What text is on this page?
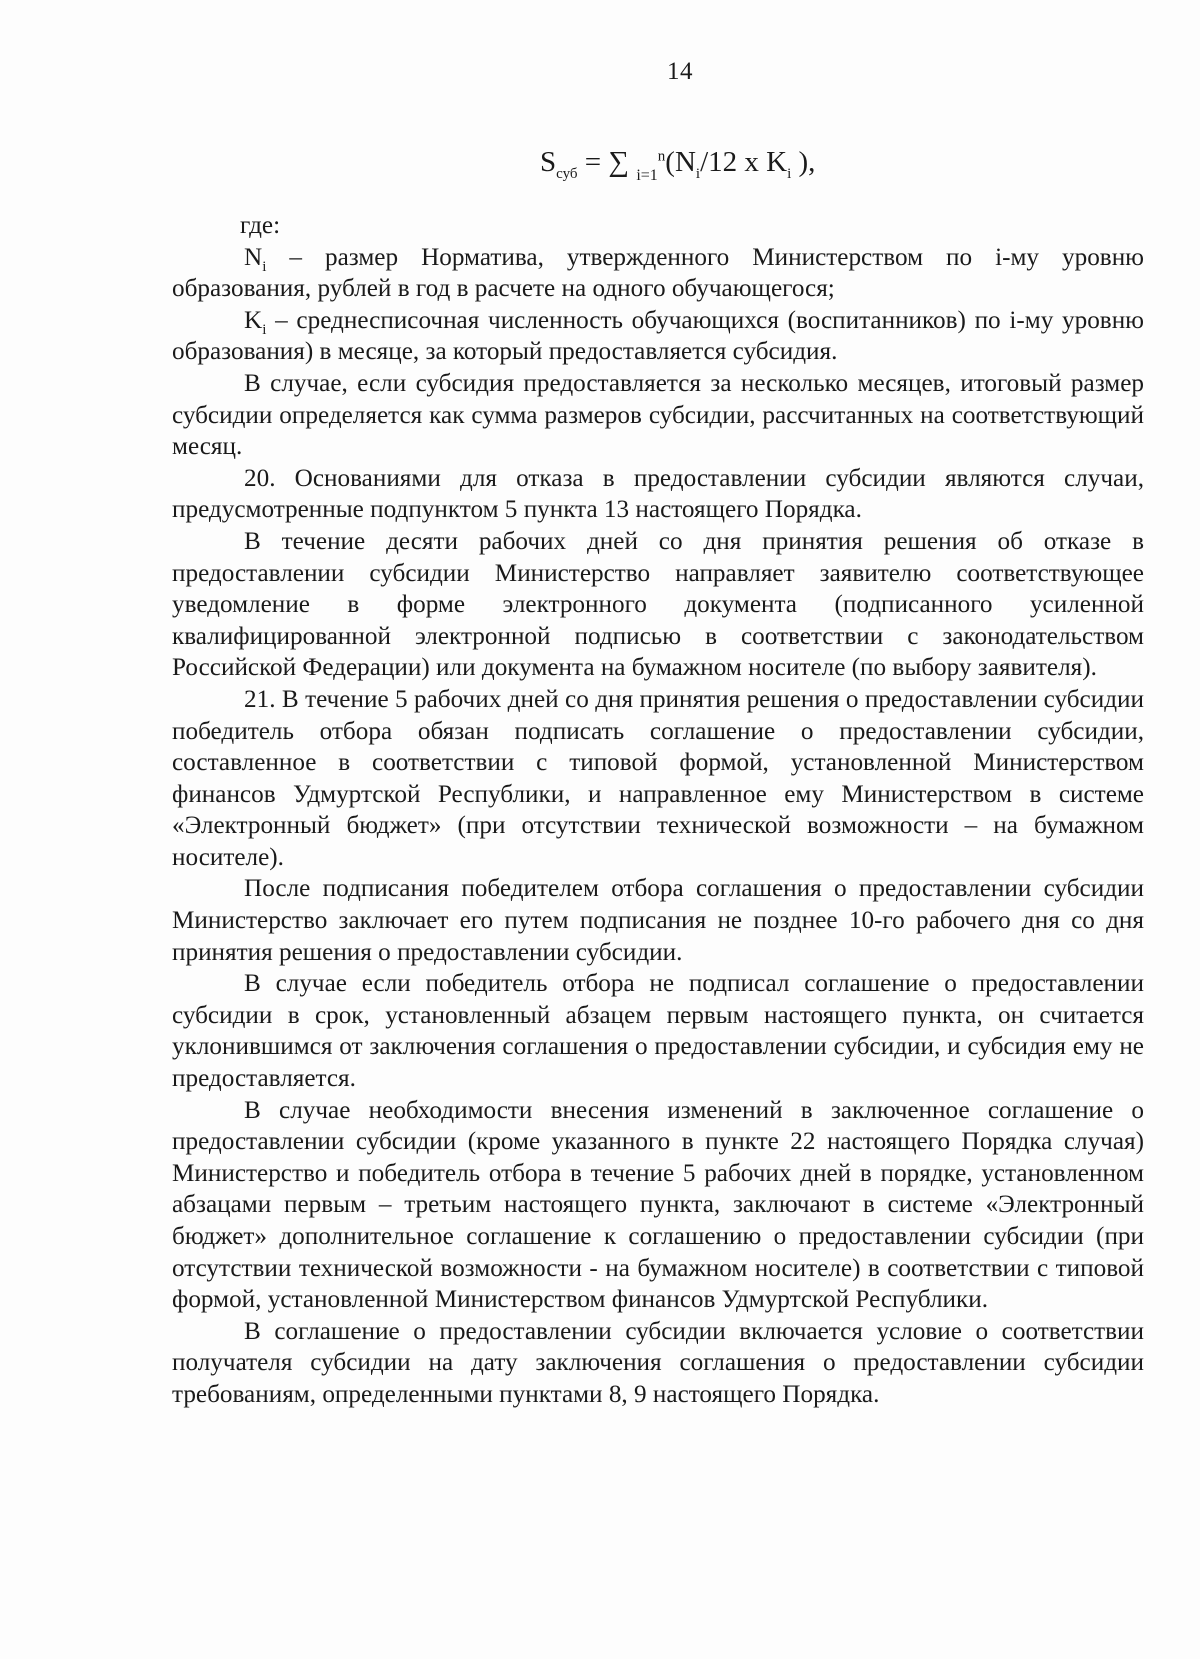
14
$S_{суб}$ = ∑ $_{i=1}^n(N_i/12$ x $K_i$ ),

где:

$N_i$ – размер Норматива, утвержденного Министерством по i-му уровню образования, рублей в год в расчете на одного обучающегося;

$K_i$ – среднесписочная численность обучающихся (воспитанников) по i-му уровню образования) в месяце, за который предоставляется субсидия.

В случае, если субсидия предоставляется за несколько месяцев, итоговый размер субсидии определяется как сумма размеров субсидии, рассчитанных на соответствующий месяц.

20. Основаниями для отказа в предоставлении субсидии являются случаи, предусмотренные подпунктом 5 пункта 13 настоящего Порядка.

В течение десяти рабочих дней со дня принятия решения об отказе в предоставлении субсидии Министерство направляет заявителю соответствующее уведомление в форме электронного документа (подписанного усиленной квалифицированной электронной подписью в соответствии с законодательством Российской Федерации) или документа на бумажном носителе (по выбору заявителя).

21. В течение 5 рабочих дней со дня принятия решения о предоставлении субсидии победитель отбора обязан подписать соглашение о предоставлении субсидии, составленное в соответствии с типовой формой, установленной Министерством финансов Удмуртской Республики, и направленное ему Министерством в системе «Электронный бюджет» (при отсутствии технической возможности – на бумажном носителе).

После подписания победителем отбора соглашения о предоставлении субсидии Министерство заключает его путем подписания не позднее 10-го рабочего дня со дня принятия решения о предоставлении субсидии.

В случае если победитель отбора не подписал соглашение о предоставлении субсидии в срок, установленный абзацем первым настоящего пункта, он считается уклонившимся от заключения соглашения о предоставлении субсидии, и субсидия ему не предоставляется.

В случае необходимости внесения изменений в заключенное соглашение о предоставлении субсидии (кроме указанного в пункте 22 настоящего Порядка случая) Министерство и победитель отбора в течение 5 рабочих дней в порядке, установленном абзацами первым – третьим настоящего пункта, заключают в системе «Электронный бюджет» дополнительное соглашение к соглашению о предоставлении субсидии (при отсутствии технической возможности - на бумажном носителе) в соответствии с типовой формой, установленной Министерством финансов Удмуртской Республики.

В соглашение о предоставлении субсидии включается условие о соответствии получателя субсидии на дату заключения соглашения о предоставлении субсидии требованиям, определенными пунктами 8, 9 настоящего Порядка.
